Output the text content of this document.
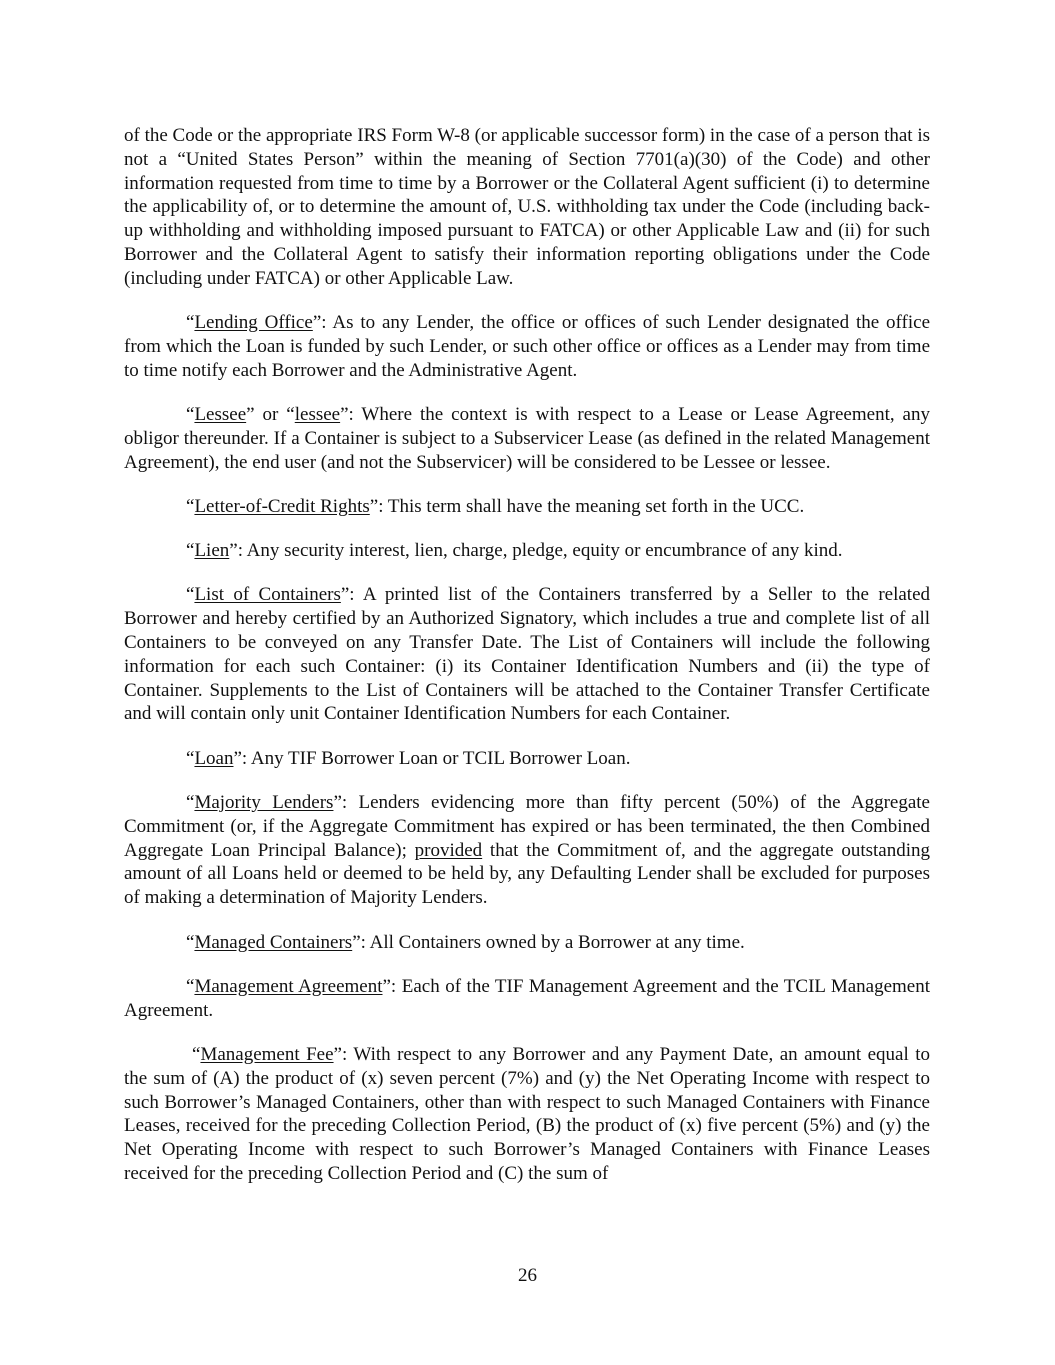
of the Code or the appropriate IRS Form W-8 (or applicable successor form) in the case of a person that is not a “United States Person” within the meaning of Section 7701(a)(30) of the Code) and other information requested from time to time by a Borrower or the Collateral Agent sufficient (i) to determine the applicability of, or to determine the amount of, U.S. withholding tax under the Code (including back-up withholding and withholding imposed pursuant to FATCA) or other Applicable Law and (ii) for such Borrower and the Collateral Agent to satisfy their information reporting obligations under the Code (including under FATCA) or other Applicable Law.

“Lending Office”: As to any Lender, the office or offices of such Lender designated the office from which the Loan is funded by such Lender, or such other office or offices as a Lender may from time to time notify each Borrower and the Administrative Agent.

“Lessee” or “lessee”: Where the context is with respect to a Lease or Lease Agreement, any obligor thereunder. If a Container is subject to a Subservicer Lease (as defined in the related Management Agreement), the end user (and not the Subservicer) will be considered to be Lessee or lessee.

“Letter-of-Credit Rights”: This term shall have the meaning set forth in the UCC.

“Lien”: Any security interest, lien, charge, pledge, equity or encumbrance of any kind.

“List of Containers”: A printed list of the Containers transferred by a Seller to the related Borrower and hereby certified by an Authorized Signatory, which includes a true and complete list of all Containers to be conveyed on any Transfer Date. The List of Containers will include the following information for each such Container: (i) its Container Identification Numbers and (ii) the type of Container. Supplements to the List of Containers will be attached to the Container Transfer Certificate and will contain only unit Container Identification Numbers for each Container.

“Loan”: Any TIF Borrower Loan or TCIL Borrower Loan.

“Majority Lenders”: Lenders evidencing more than fifty percent (50%) of the Aggregate Commitment (or, if the Aggregate Commitment has expired or has been terminated, the then Combined Aggregate Loan Principal Balance); provided that the Commitment of, and the aggregate outstanding amount of all Loans held or deemed to be held by, any Defaulting Lender shall be excluded for purposes of making a determination of Majority Lenders.

“Managed Containers”: All Containers owned by a Borrower at any time.

“Management Agreement”: Each of the TIF Management Agreement and the TCIL Management Agreement.

“Management Fee”: With respect to any Borrower and any Payment Date, an amount equal to the sum of (A) the product of (x) seven percent (7%) and (y) the Net Operating Income with respect to such Borrower’s Managed Containers, other than with respect to such Managed Containers with Finance Leases, received for the preceding Collection Period, (B) the product of (x) five percent (5%) and (y) the Net Operating Income with respect to such Borrower’s Managed Containers with Finance Leases received for the preceding Collection Period and (C) the sum of

26
